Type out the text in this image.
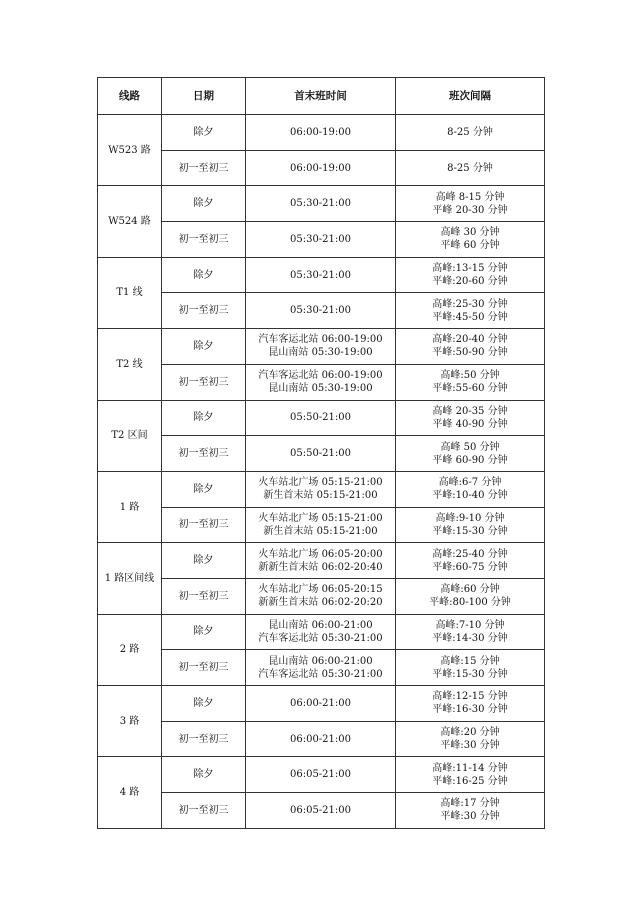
线路	日期	首末班时间	班次间隔
W523 路	除夕	06:00-19:00	8-25 分钟

	初一至初三	06:00-19:00	8-25 分钟

W524 路	除夕	05:30-21:00	高峰 8-15 分钟
平峰 20-30 分钟

	初一至初三	05:30-21:00	高峰 30 分钟
平峰 60 分钟

T1 线	除夕	05:30-21:00	高峰:13-15 分钟
平峰:20-60 分钟

	初一至初三	05:30-21:00	高峰:25-30 分钟
平峰:45-50 分钟

T2 线	除夕	汽车客运北站 06:00-19:00
昆山南站 05:30-19:00	高峰:20-40 分钟
平峰:50-90 分钟

	初一至初三	汽车客运北站 06:00-19:00
昆山南站 05:30-19:00	高峰:50 分钟
平峰:55-60 分钟

T2 区间	除夕	05:50-21:00	高峰 20-35 分钟
平峰 40-90 分钟

	初一至初三	05:50-21:00	高峰 50 分钟
平峰 60-90 分钟

1 路	除夕	火车站北广场 05:15-21:00
新生首末站 05:15-21:00	高峰:6-7 分钟
平峰:10-40 分钟

	初一至初三	火车站北广场 05:15-21:00
新生首末站 05:15-21:00	高峰:9-10 分钟
平峰:15-30 分钟

1 路区间线	除夕	火车站北广场 06:05-20:00
新新生首末站 06:02-20:40	高峰:25-40 分钟
平峰:60-75 分钟

	初一至初三	火车站北广场 06:05-20:15
新新生首末站 06:02-20:20	高峰:60 分钟
平峰:80-100 分钟

2 路	除夕	昆山南站 06:00-21:00
汽车客运北站 05:30-21:00	高峰:7-10 分钟
平峰:14-30 分钟

	初一至初三	昆山南站 06:00-21:00
汽车客运北站 05:30-21:00	高峰:15 分钟
平峰:15-30 分钟

3 路	除夕	06:00-21:00	高峰:12-15 分钟
平峰:16-30 分钟

	初一至初三	06:00-21:00	高峰:20 分钟
平峰:30 分钟

4 路	除夕	06:05-21:00	高峰:11-14 分钟
平峰:16-25 分钟

	初一至初三	06:05-21:00	高峰:17 分钟
平峰:30 分钟
